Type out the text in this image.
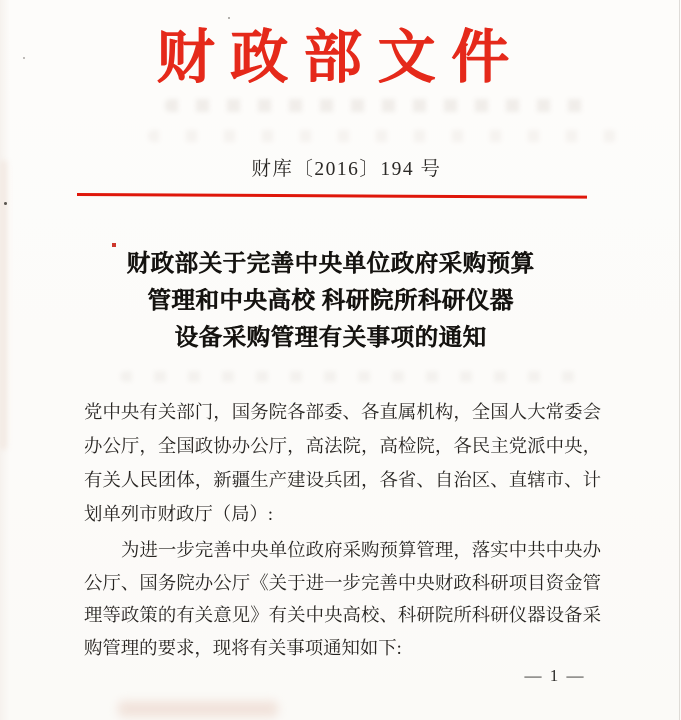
财政部文件
财库〔2016〕194 号
财政部关于完善中央单位政府采购预算
管理和中央高校 科研院所科研仪器
设备采购管理有关事项的通知
党中央有关部门，国务院各部委、各直属机构，全国人大常委会
办公厅，全国政协办公厅，高法院，高检院，各民主党派中央，
有关人民团体，新疆生产建设兵团，各省、自治区、直辖市、计
划单列市财政厅（局）:
为进一步完善中央单位政府采购预算管理，落实中共中央办
公厅、国务院办公厅《关于进一步完善中央财政科研项目资金管
理等政策的有关意见》有关中央高校、科研院所科研仪器设备采
购管理的要求，现将有关事项通知如下:
— 1 —
